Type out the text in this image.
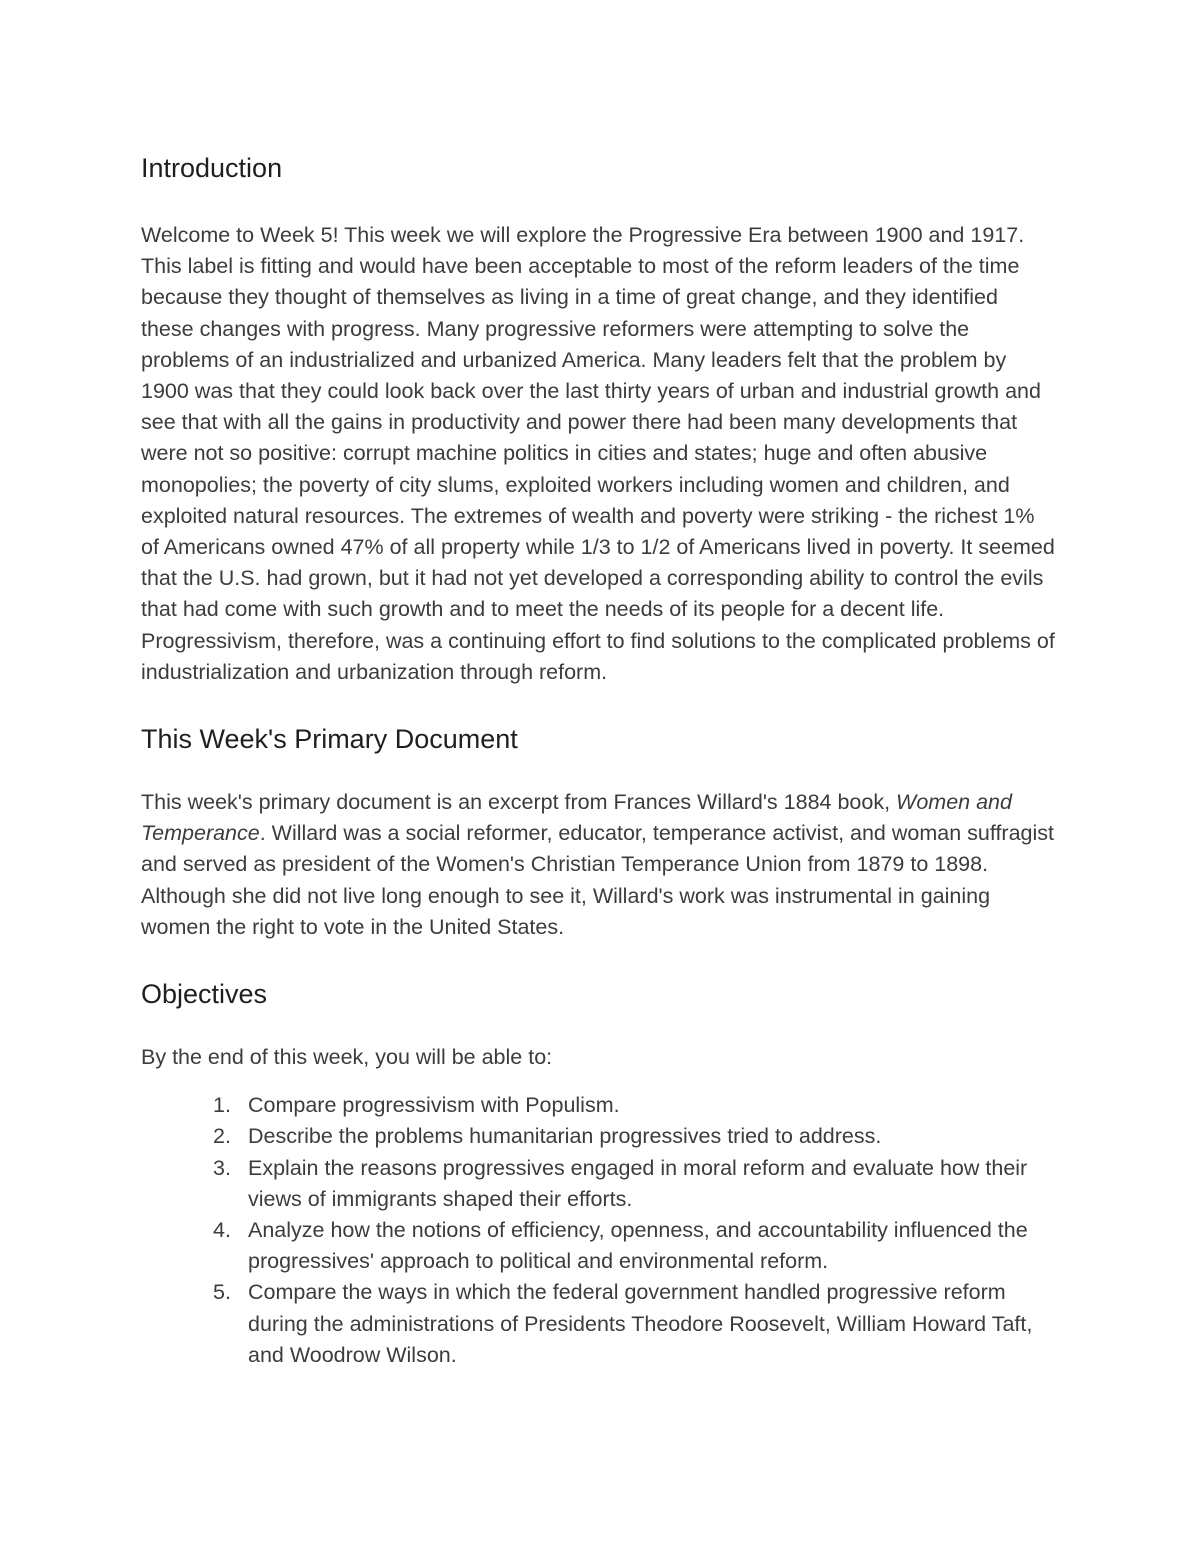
Introduction

Welcome to Week 5! This week we will explore the Progressive Era between 1900 and 1917. This label is fitting and would have been acceptable to most of the reform leaders of the time because they thought of themselves as living in a time of great change, and they identified these changes with progress. Many progressive reformers were attempting to solve the problems of an industrialized and urbanized America. Many leaders felt that the problem by 1900 was that they could look back over the last thirty years of urban and industrial growth and see that with all the gains in productivity and power there had been many developments that were not so positive: corrupt machine politics in cities and states; huge and often abusive monopolies; the poverty of city slums, exploited workers including women and children, and exploited natural resources. The extremes of wealth and poverty were striking - the richest 1% of Americans owned 47% of all property while 1/3 to 1/2 of Americans lived in poverty. It seemed that the U.S. had grown, but it had not yet developed a corresponding ability to control the evils that had come with such growth and to meet the needs of its people for a decent life. Progressivism, therefore, was a continuing effort to find solutions to the complicated problems of industrialization and urbanization through reform.

This Week's Primary Document

This week's primary document is an excerpt from Frances Willard's 1884 book, Women and Temperance. Willard was a social reformer, educator, temperance activist, and woman suffragist and served as president of the Women's Christian Temperance Union from 1879 to 1898. Although she did not live long enough to see it, Willard's work was instrumental in gaining women the right to vote in the United States.

Objectives

By the end of this week, you will be able to:

1. Compare progressivism with Populism.
2. Describe the problems humanitarian progressives tried to address.
3. Explain the reasons progressives engaged in moral reform and evaluate how their views of immigrants shaped their efforts.
4. Analyze how the notions of efficiency, openness, and accountability influenced the progressives' approach to political and environmental reform.
5. Compare the ways in which the federal government handled progressive reform during the administrations of Presidents Theodore Roosevelt, William Howard Taft, and Woodrow Wilson.
